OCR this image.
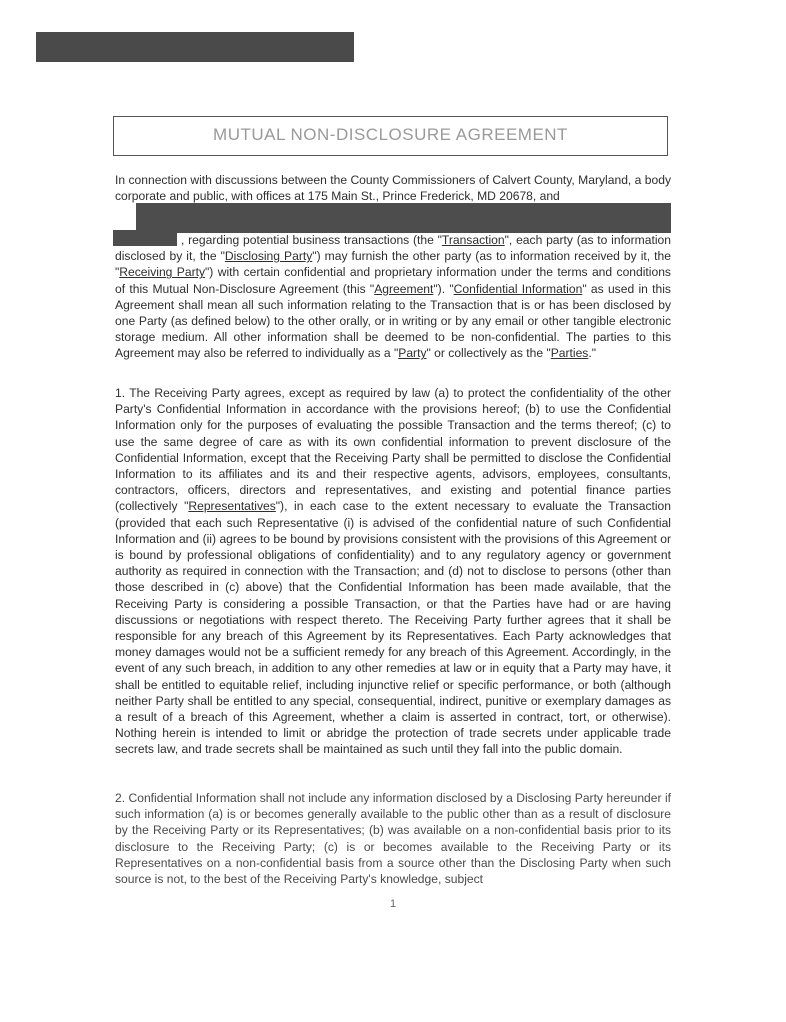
MUTUAL NON-DISCLOSURE AGREEMENT

In connection with discussions between the County Commissioners of Calvert County, Maryland, a body corporate and public, with offices at 175 Main St., Prince Frederick, MD 20678, and

, regarding potential business transactions (the "Transaction", each party (as to information disclosed by it, the "Disclosing Party") may furnish the other party (as to information received by it, the "Receiving Party") with certain confidential and proprietary information under the terms and conditions of this Mutual Non-Disclosure Agreement (this "Agreement"). "Confidential Information" as used in this Agreement shall mean all such information relating to the Transaction that is or has been disclosed by one Party (as defined below) to the other orally, or in writing or by any email or other tangible electronic storage medium. All other information shall be deemed to be non-confidential. The parties to this Agreement may also be referred to individually as a "Party" or collectively as the "Parties."

1. The Receiving Party agrees, except as required by law (a) to protect the confidentiality of the other Party's Confidential Information in accordance with the provisions hereof; (b) to use the Confidential Information only for the purposes of evaluating the possible Transaction and the terms thereof; (c) to use the same degree of care as with its own confidential information to prevent disclosure of the Confidential Information, except that the Receiving Party shall be permitted to disclose the Confidential Information to its affiliates and its and their respective agents, advisors, employees, consultants, contractors, officers, directors and representatives, and existing and potential finance parties (collectively "Representatives"), in each case to the extent necessary to evaluate the Transaction (provided that each such Representative (i) is advised of the confidential nature of such Confidential Information and (ii) agrees to be bound by provisions consistent with the provisions of this Agreement or is bound by professional obligations of confidentiality) and to any regulatory agency or government authority as required in connection with the Transaction; and (d) not to disclose to persons (other than those described in (c) above) that the Confidential Information has been made available, that the Receiving Party is considering a possible Transaction, or that the Parties have had or are having discussions or negotiations with respect thereto. The Receiving Party further agrees that it shall be responsible for any breach of this Agreement by its Representatives. Each Party acknowledges that money damages would not be a sufficient remedy for any breach of this Agreement. Accordingly, in the event of any such breach, in addition to any other remedies at law or in equity that a Party may have, it shall be entitled to equitable relief, including injunctive relief or specific performance, or both (although neither Party shall be entitled to any special, consequential, indirect, punitive or exemplary damages as a result of a breach of this Agreement, whether a claim is asserted in contract, tort, or otherwise). Nothing herein is intended to limit or abridge the protection of trade secrets under applicable trade secrets law, and trade secrets shall be maintained as such until they fall into the public domain.

2. Confidential Information shall not include any information disclosed by a Disclosing Party hereunder if such information (a) is or becomes generally available to the public other than as a result of disclosure by the Receiving Party or its Representatives; (b) was available on a non-confidential basis prior to its disclosure to the Receiving Party; (c) is or becomes available to the Receiving Party or its Representatives on a non-confidential basis from a source other than the Disclosing Party when such source is not, to the best of the Receiving Party's knowledge, subject

1
